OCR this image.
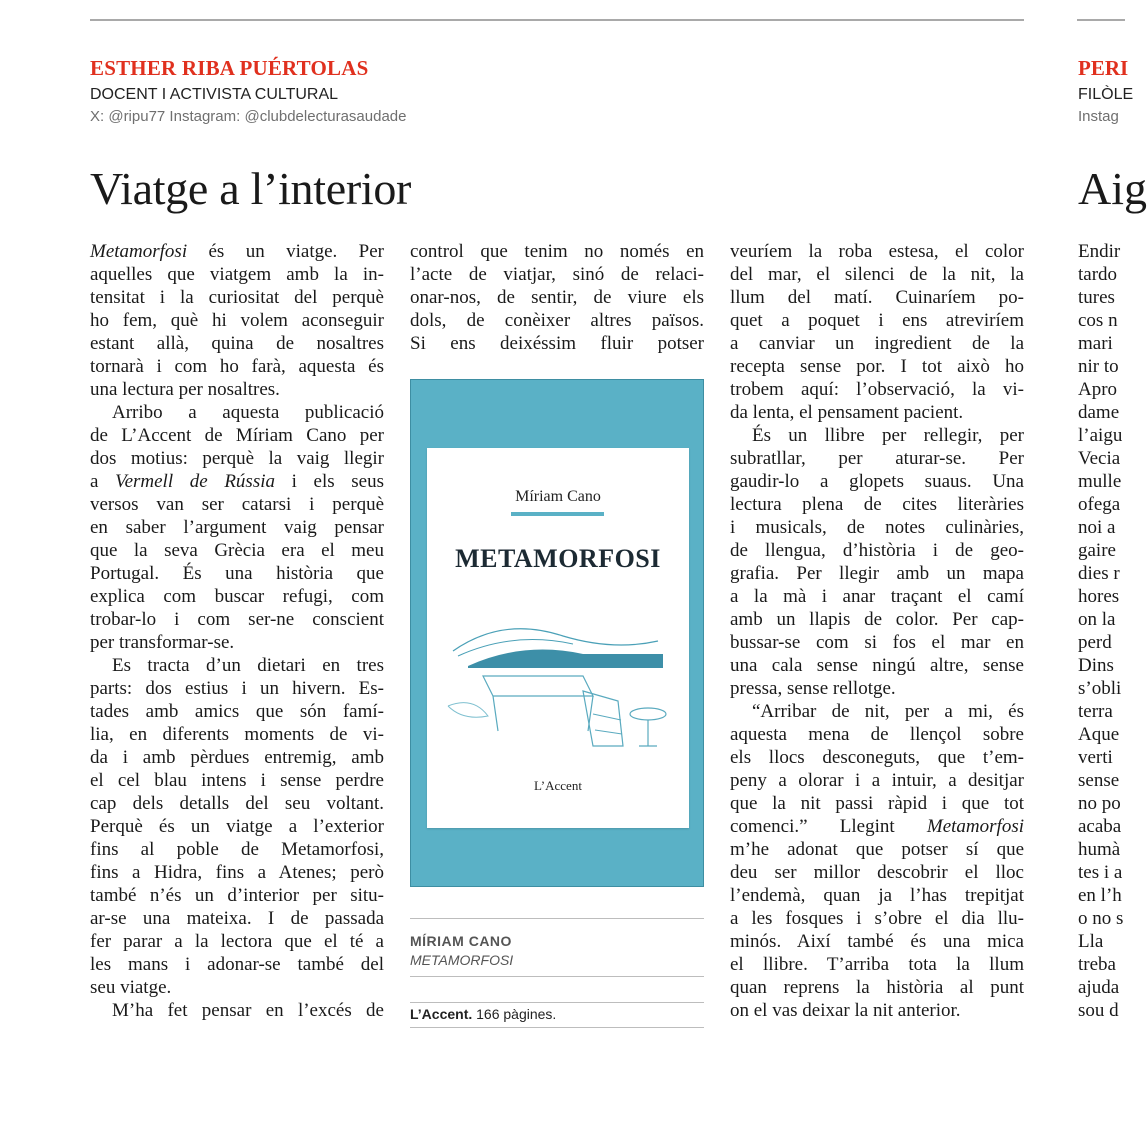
ESTHER RIBA PUÉRTOLAS
DOCENT I ACTIVISTA CULTURAL
X: @ripu77 Instagram: @clubdelecturasaudade
Viatge a l’interior
PERI
FILÒLE
Instag
Aig
Metamorfosi és un viatge. Per
aquelles que viatgem amb la in-
tensitat i la curiositat del perquè
ho fem, què hi volem aconseguir
estant allà, quina de nosaltres
tornarà i com ho farà, aquesta és
una lectura per nosaltres.
Arribo a aquesta publicació
de L’Accent de Míriam Cano per
dos motius: perquè la vaig llegir
a Vermell de Rússia i els seus
versos van ser catarsi i perquè
en saber l’argument vaig pensar
que la seva Grècia era el meu
Portugal. És una història que
explica com buscar refugi, com
trobar-lo i com ser-ne conscient
per transformar-se.
Es tracta d’un dietari en tres
parts: dos estius i un hivern. Es-
tades amb amics que són famí-
lia, en diferents moments de vi-
da i amb pèrdues entremig, amb
el cel blau intens i sense perdre
cap dels detalls del seu voltant.
Perquè és un viatge a l’exterior
fins al poble de Metamorfosi,
fins a Hidra, fins a Atenes; però
també n’és un d’interior per situ-
ar-se una mateixa. I de passada
fer parar a la lectora que el té a
les mans i adonar-se també del
seu viatge.
M’ha fet pensar en l’excés de
control que tenim no només en
l’acte de viatjar, sinó de relaci-
onar-nos, de sentir, de viure els
dols, de conèixer altres països.
Si ens deixéssim fluir potser
Míriam Cano
METAMORFOSI
L’Accent
MÍRIAM CANO
METAMORFOSI
L’Accent. 166 pàgines.
veuríem la roba estesa, el color
del mar, el silenci de la nit, la
llum del matí. Cuinaríem po-
quet a poquet i ens atreviríem
a canviar un ingredient de la
recepta sense por. I tot això ho
trobem aquí: l’observació, la vi-
da lenta, el pensament pacient.
És un llibre per rellegir, per
subratllar, per aturar-se. Per
gaudir-lo a glopets suaus. Una
lectura plena de cites literàries
i musicals, de notes culinàries,
de llengua, d’història i de geo-
grafia. Per llegir amb un mapa
a la mà i anar traçant el camí
amb un llapis de color. Per cap-
bussar-se com si fos el mar en
una cala sense ningú altre, sense
pressa, sense rellotge.
“Arribar de nit, per a mi, és
aquesta mena de llençol sobre
els llocs desconeguts, que t’em-
peny a olorar i a intuir, a desitjar
que la nit passi ràpid i que tot
comenci.” Llegint Metamorfosi
m’he adonat que potser sí que
deu ser millor descobrir el lloc
l’endemà, quan ja l’has trepitjat
a les fosques i s’obre el dia llu-
minós. Així també és una mica
el llibre. T’arriba tota la llum
quan reprens la història al punt
on el vas deixar la nit anterior.
Endir
tardo
tures
cos n
mari
nir to
Apro
dame
l’aigu
Vecia
mulle
ofega
noi a
gaire
dies r
hores
on la
perd
Dins
s’obli
terra
Aque
verti
sense
no po
acaba
humà
tes i a
en l’h
o no s
Lla
treba
ajuda
sou d
